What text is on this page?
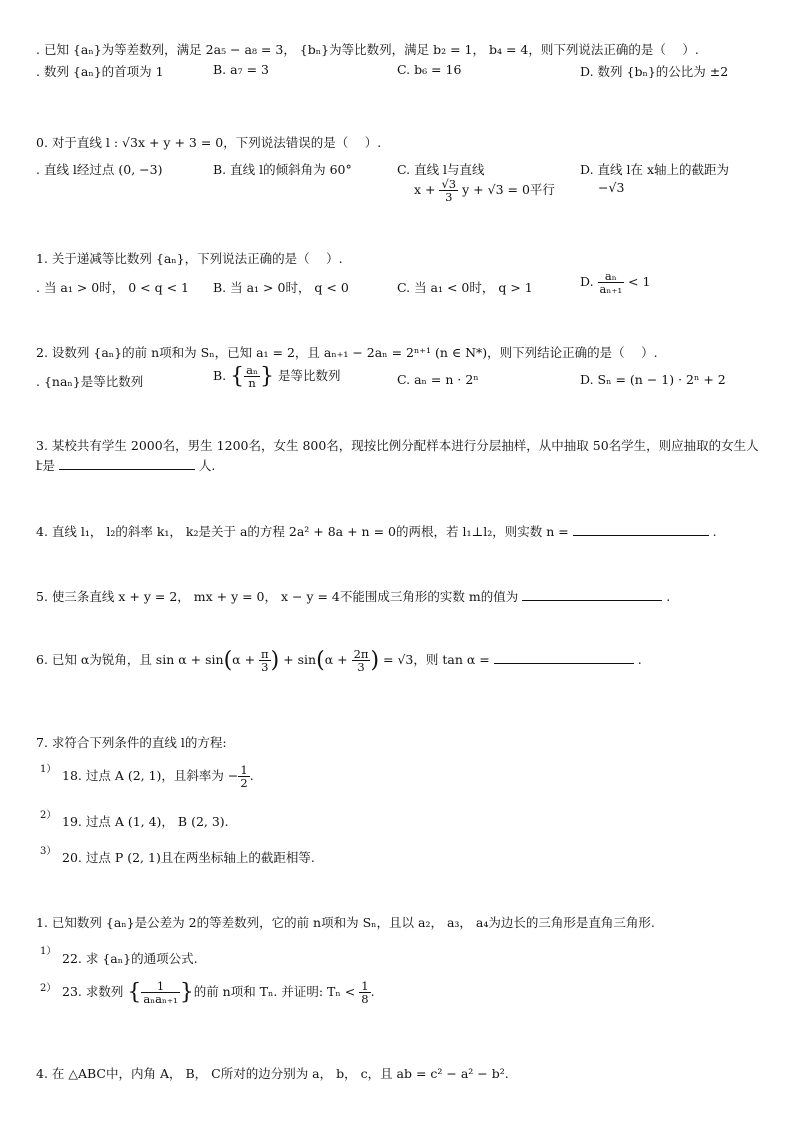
. 已知 {aₙ}为等差数列，满足 2a₅ − a₈ = 3， {bₙ}为等比数列，满足 b₂ = 1， b₄ = 4，则下列说法正确的是（　 ）.
. 数列 {aₙ}的首项为 1	B. a₇ = 3	C. b₆ = 16	D. 数列 {bₙ}的公比为 ±2
0. 对于直线 l : √3x + y + 3 = 0，下列说法错误的是（　 ）.
. 直线 l经过点 (0, −3)	B. 直线 l的倾斜角为 60°	C. 直线 l与直线
$x + \frac{√3}{3}$ y + √3 = 0平行
D. 直线 l在 x轴上的截距为
−√3
1. 关于递减等比数列 {aₙ}，下列说法正确的是（　 ）.
. 当 a₁ > 0时， 0 < q < 1 B. 当 a₁ > 0时， q < 0	C. 当 a₁ < 0时， q > 1	D. $\frac{\text{aₙ}}{\text{aₙ₊₁}} < 1$
2. 设数列 {aₙ}的前 n项和为 Sₙ，已知 a₁ = 2，且 aₙ₊₁ − 2aₙ = 2ⁿ⁺¹ (n ∈ N*)，则下列结论正确的是（　 ）.
. {naₙ}是等比数列	B. { $\frac{\text{aₙ}}{n}$ } 是等比数列	C. aₙ = n · 2ⁿ	D. Sₙ = (n − 1) · 2ⁿ + 2
3. 某校共有学生 2000名，男生 1200名，女生 800名，现按比例分配样本进行分层抽样，从中抽取 50名学生，则应抽取的女生人
է是	人.
4. 直线 l₁， l₂的斜率 k₁， k₂是关于 a的方程 2a² + 8a + n = 0的两根，若 l₁⊥l₂，则实数 n =	.
5. 使三条直线 x + y = 2， mx + y = 0， x − y = 4不能围成三角形的实数 m的值为	.
6. 已知 α为锐角，且 $\sin \alpha + \sin(\alpha + \frac{\pi}{3}$ ) + $\sin(\alpha + \frac{2\pi}{3}$ ) = √3，则 tan α =	.
7. 求符合下列条件的直线 l的方程:
1） 18. 过点 A (2, 1)，且斜率为 − $\frac{1}{2}$ .
2） 19. 过点 A (1, 4)， B (2, 3).
3） 20. 过点 P (2, 1)且在两坐标轴上的截距相等.
1. 已知数列 {aₙ}是公差为 2的等差数列，它的前 n项和为 Sₙ，且以 a₂， a₃， a₄为边长的三角形是直角三角形.
1） 22. 求 {aₙ}的通项公式.
2） 23. 求数列 { $\frac{1}{\text{aₙaₙ₊₁}}$ }的前 n项和 Tₙ. 并证明: $T_n < \frac{1}{8}$ .
4. 在 △ABC中，内角 A， B， C所对的边分别为 a， b， c，且 ab = c² − a² − b².
